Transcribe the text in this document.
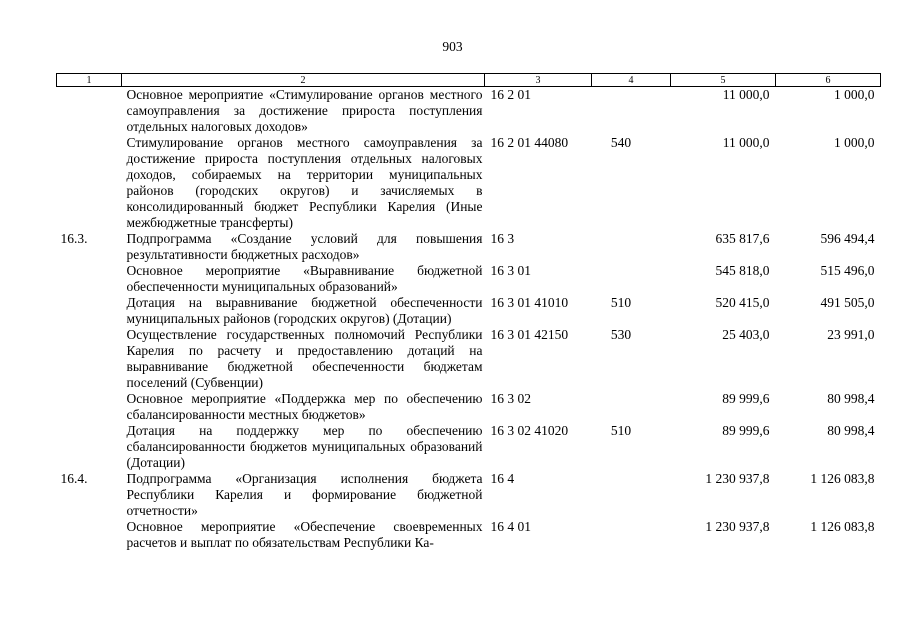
903
1	2	3	4	5	6
	Основное мероприятие «Стимулирование органов местного самоуправления за достижение прироста поступления отдельных налоговых доходов»	16 2 01		11 000,0	1 000,0
	Стимулирование органов местного самоуправления за достижение прироста поступления отдельных налоговых доходов, собираемых на территории муниципальных районов (городских округов) и зачисляемых в консолидированный бюджет Республики Карелия (Иные межбюджетные трансферты)	16 2 01 44080	540	11 000,0	1 000,0
16.3.	Подпрограмма «Создание условий для повышения результативности бюджетных расходов»	16 3		635 817,6	596 494,4
	Основное мероприятие «Выравнивание бюджетной обеспеченности муниципальных образований»	16 3 01		545 818,0	515 496,0
	Дотация на выравнивание бюджетной обеспеченности муниципальных районов (городских округов) (Дотации)	16 3 01 41010	510	520 415,0	491 505,0
	Осуществление государственных полномочий Республики Карелия по расчету и предоставлению дотаций на выравнивание бюджетной обеспеченности бюджетам поселений (Субвенции)	16 3 01 42150	530	25 403,0	23 991,0
	Основное мероприятие «Поддержка мер по обеспечению сбалансированности местных бюджетов»	16 3 02		89 999,6	80 998,4
	Дотация на поддержку мер по обеспечению сбалансированности бюджетов муниципальных образований (Дотации)	16 3 02 41020	510	89 999,6	80 998,4
16.4.	Подпрограмма «Организация исполнения бюджета Республики Карелия и формирование бюджетной отчетности»	16 4		1 230 937,8	1 126 083,8
	Основное мероприятие «Обеспечение своевременных расчетов и выплат по обязательствам Республики Ка-	16 4 01		1 230 937,8	1 126 083,8
